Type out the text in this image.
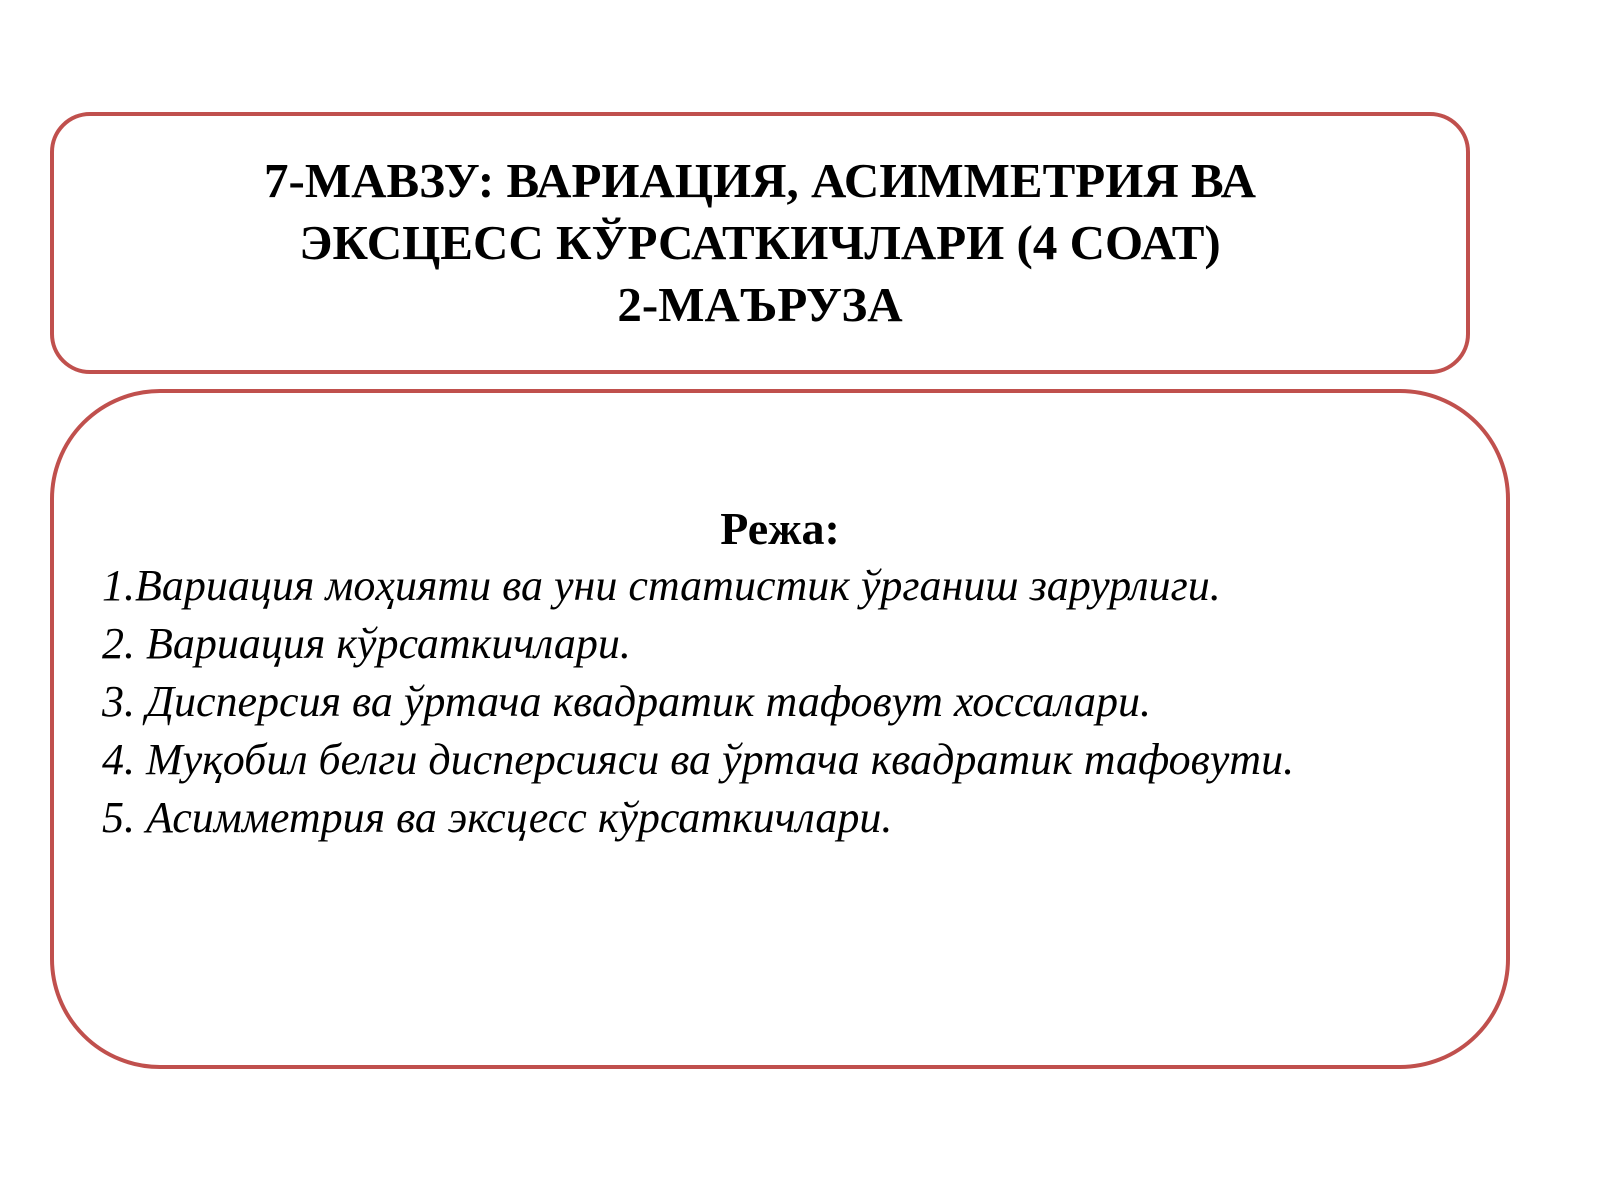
7-МАВЗУ: ВАРИАЦИЯ, АСИММЕТРИЯ ВА
ЭКСЦЕСС КЎРСАТКИЧЛАРИ (4 СОАТ)
2-МАЪРУЗА
Режа:
1.Вариация моҳияти ва уни статистик ўрганиш зарурлиги.
2. Вариация кўрсаткичлари.
3. Дисперсия ва ўртача квадратик тафовут хоссалари.
4. Муқобил белги дисперсияси ва ўртача квадратик тафовути.
5. Асимметрия ва эксцесс кўрсаткичлари.
